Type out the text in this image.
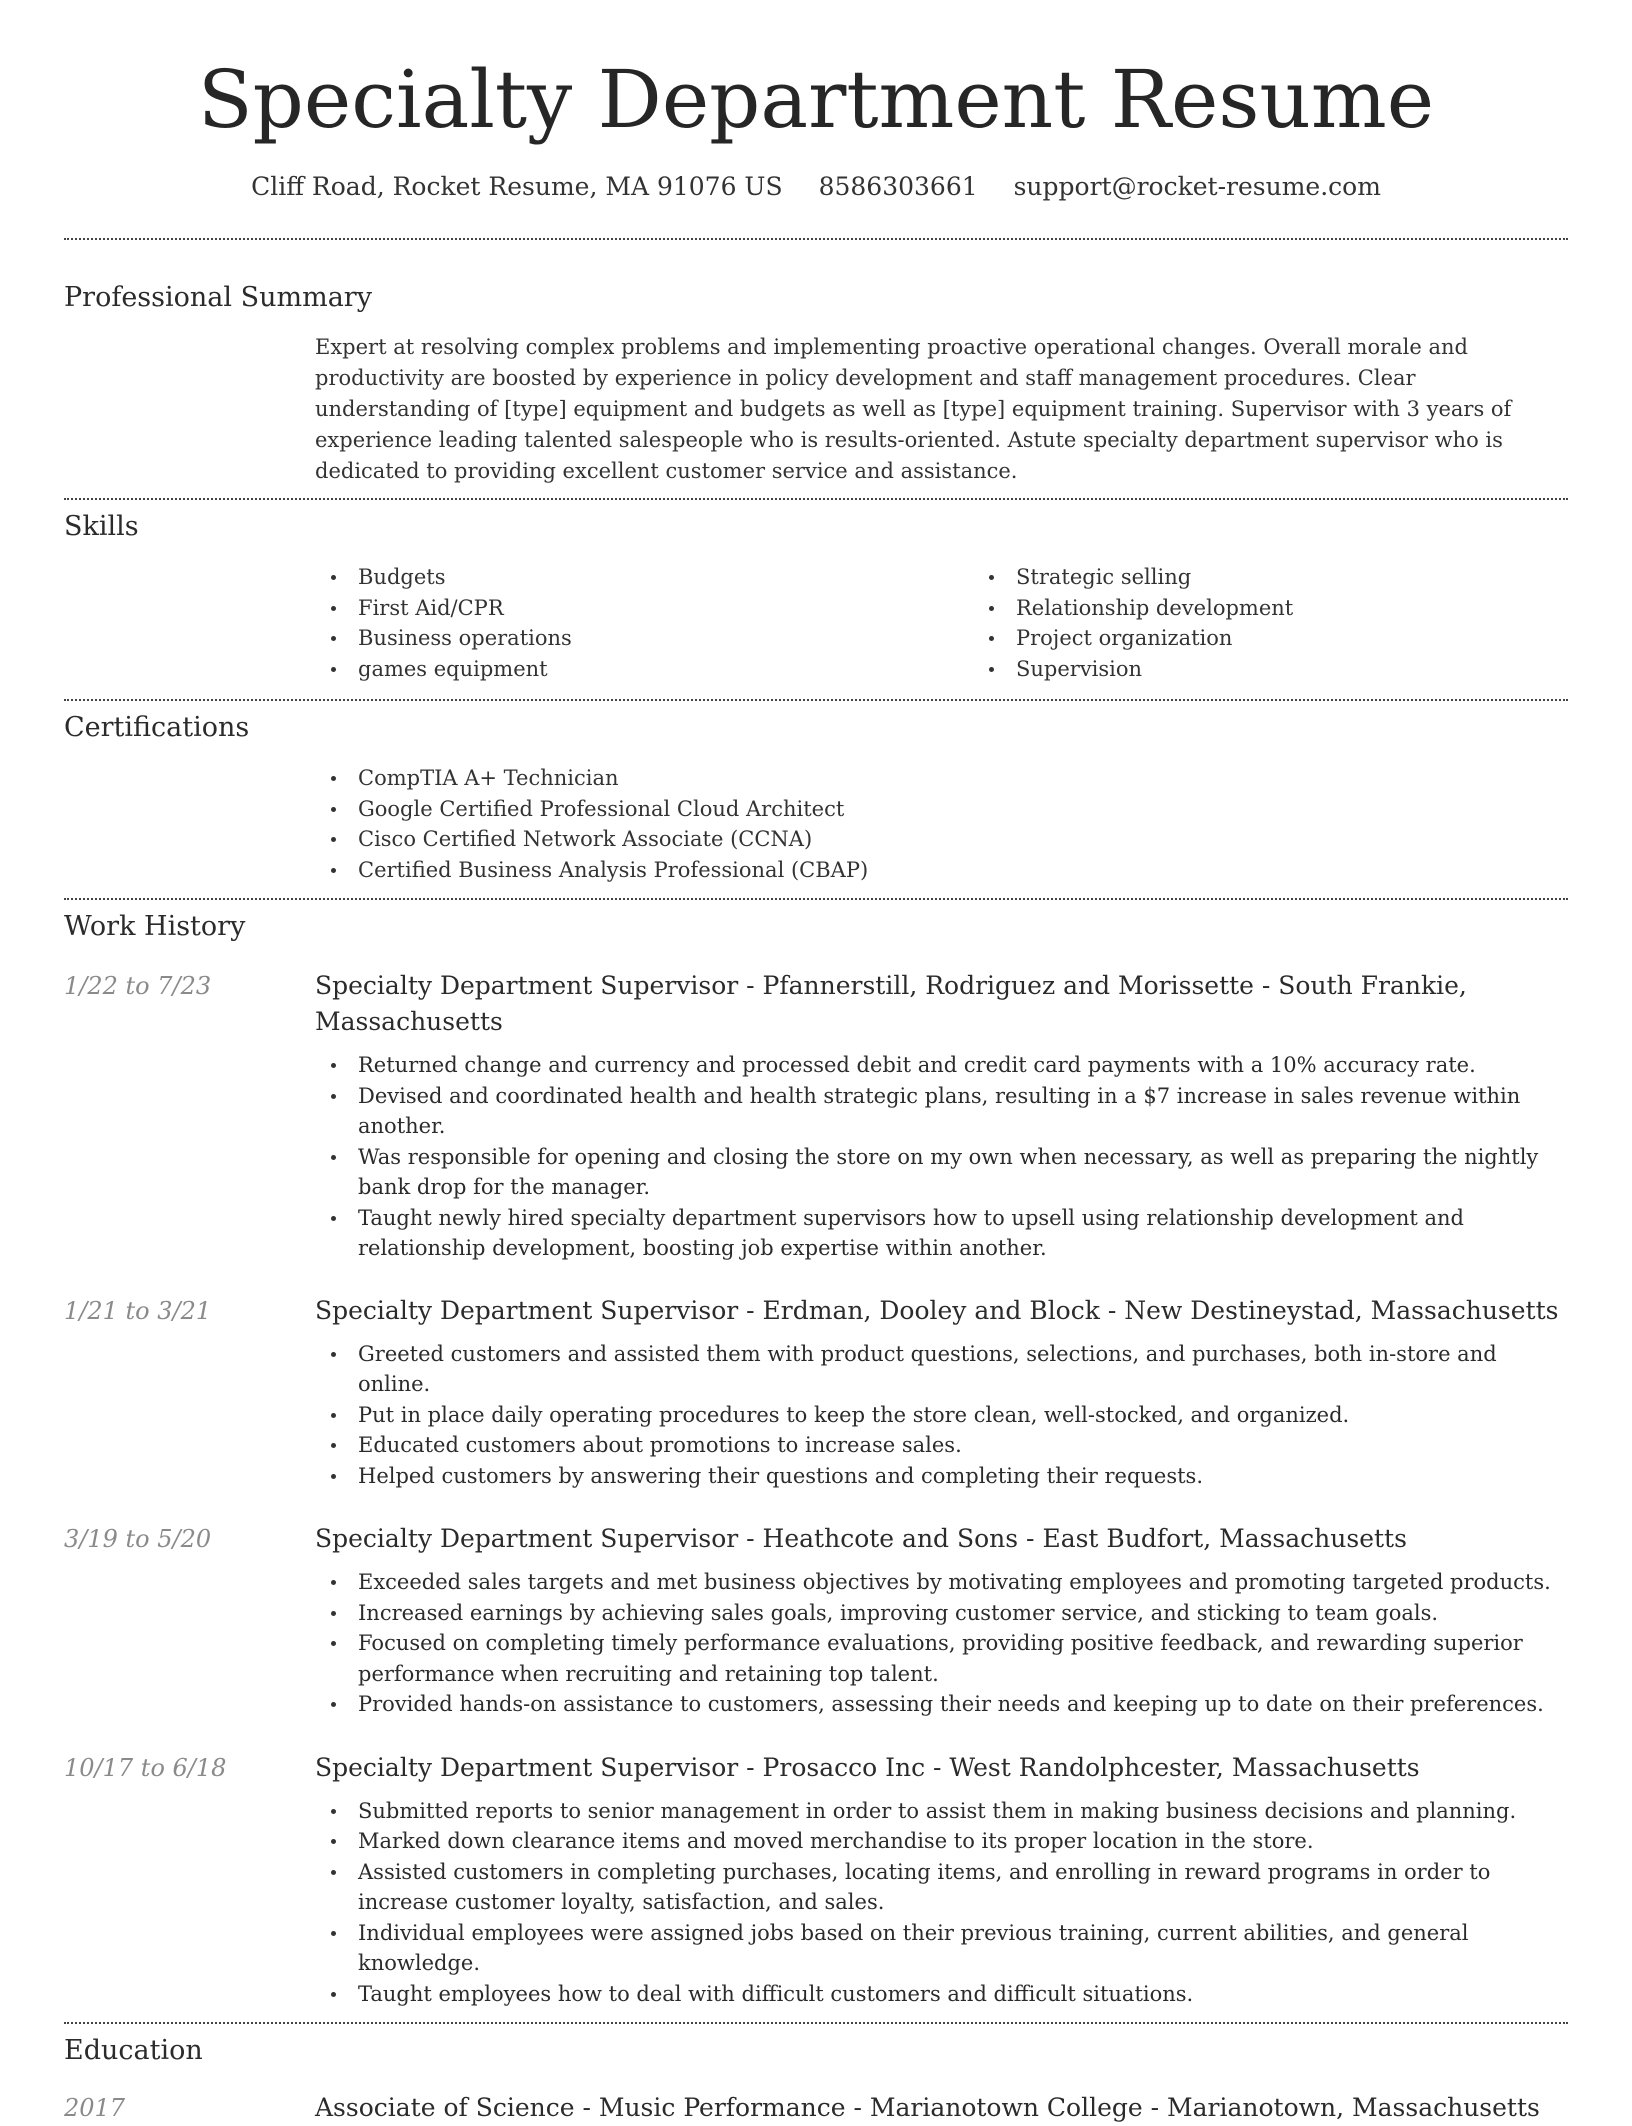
Specialty Department Resume
Cliff Road, Rocket Resume, MA 91076 US 8586303661 support@rocket-resume.com
Professional Summary

Expert at resolving complex problems and implementing proactive operational changes. Overall morale and productivity are boosted by experience in policy development and staff management procedures. Clear understanding of [type] equipment and budgets as well as [type] equipment training. Supervisor with 3 years of experience leading talented salespeople who is results-oriented. Astute specialty department supervisor who is dedicated to providing excellent customer service and assistance.

Skills
Budgets
First Aid/CPR
Business operations
games equipment
Strategic selling
Relationship development
Project organization
Supervision
Certifications
CompTIA A+ Technician
Google Certified Professional Cloud Architect
Cisco Certified Network Associate (CCNA)
Certified Business Analysis Professional (CBAP)
Work History
1/22 to 7/23	Specialty Department Supervisor - Pfannerstill, Rodriguez and Morissette - South Frankie, Massachusetts
Returned change and currency and processed debit and credit card payments with a 10% accuracy rate.
Devised and coordinated health and health strategic plans, resulting in a $7 increase in sales revenue within another.
Was responsible for opening and closing the store on my own when necessary, as well as preparing the nightly bank drop for the manager.
Taught newly hired specialty department supervisors how to upsell using relationship development and relationship development, boosting job expertise within another.
1/21 to 3/21	Specialty Department Supervisor - Erdman, Dooley and Block - New Destineystad, Massachusetts
Greeted customers and assisted them with product questions, selections, and purchases, both in-store and online.
Put in place daily operating procedures to keep the store clean, well-stocked, and organized.
Educated customers about promotions to increase sales.
Helped customers by answering their questions and completing their requests.
3/19 to 5/20	Specialty Department Supervisor - Heathcote and Sons - East Budfort, Massachusetts
Exceeded sales targets and met business objectives by motivating employees and promoting targeted products.
Increased earnings by achieving sales goals, improving customer service, and sticking to team goals.
Focused on completing timely performance evaluations, providing positive feedback, and rewarding superior performance when recruiting and retaining top talent.
Provided hands-on assistance to customers, assessing their needs and keeping up to date on their preferences.
10/17 to 6/18	Specialty Department Supervisor - Prosacco Inc - West Randolphcester, Massachusetts
Submitted reports to senior management in order to assist them in making business decisions and planning.
Marked down clearance items and moved merchandise to its proper location in the store.
Assisted customers in completing purchases, locating items, and enrolling in reward programs in order to increase customer loyalty, satisfaction, and sales.
Individual employees were assigned jobs based on their previous training, current abilities, and general knowledge.
Taught employees how to deal with difficult customers and difficult situations.
Education
2017	Associate of Science - Music Performance - Marianotown College - Marianotown, Massachusetts
